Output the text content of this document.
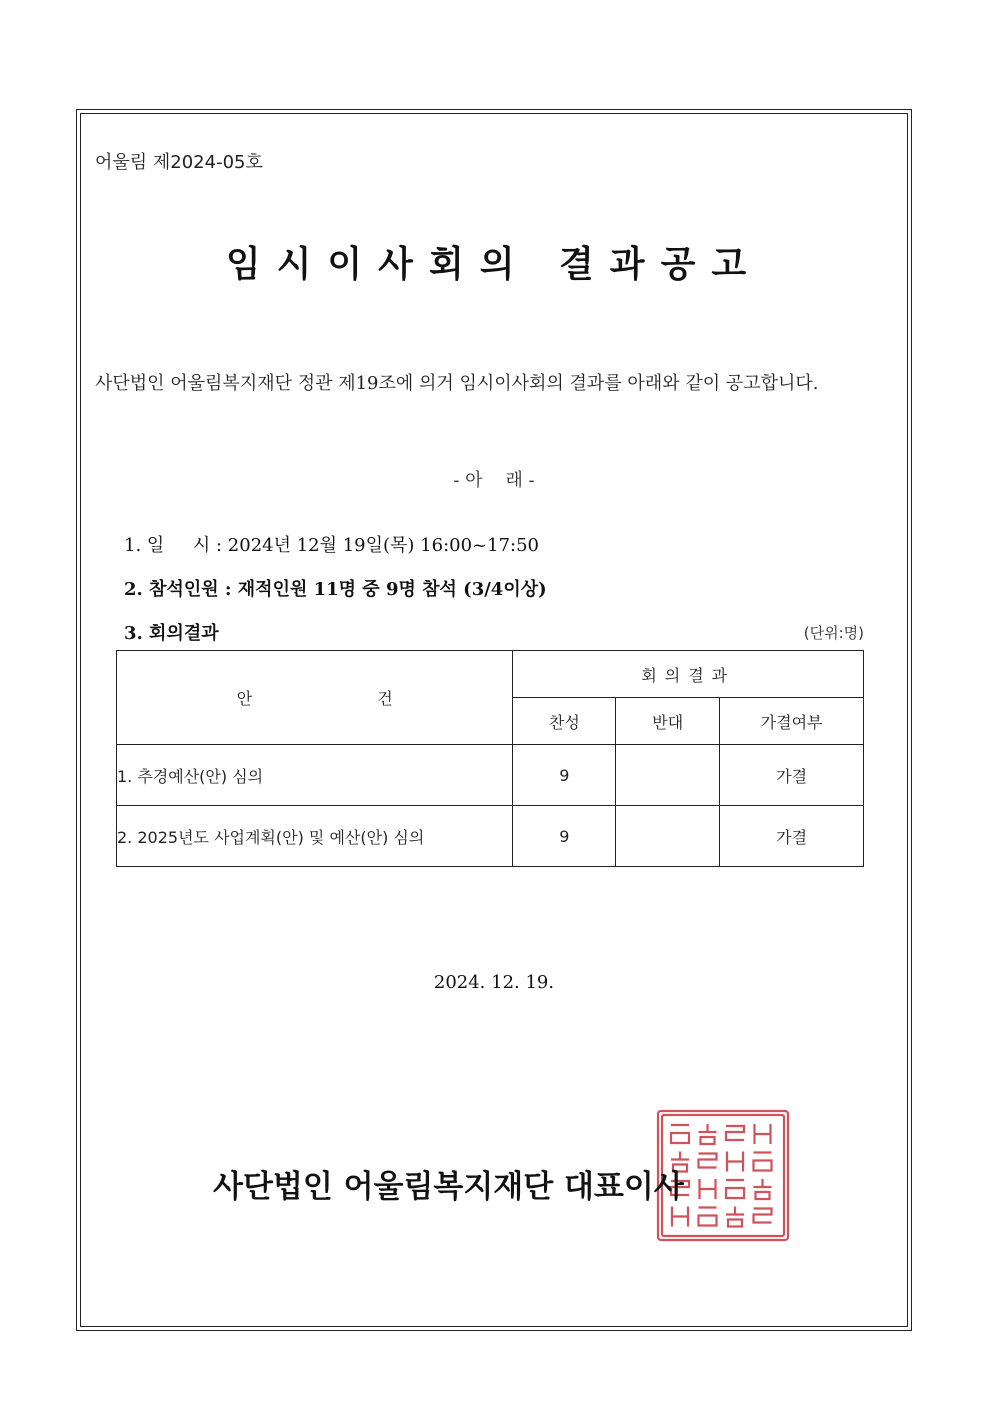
어울림 제2024-05호
임시이사회의 결과공고
사단법인 어울림복지재단 정관 제19조에 의거 임시이사회의 결과를 아래와 같이 공고합니다.
- 아    래 -
1. 일     시 : 2024년 12월 19일(목) 16:00~17:50
2. 참석인원 : 재적인원 11명 중 9명 참석 (3/4이상)
3. 회의결과	(단위:명)
안 건	회의결과		
	찬성	반대	가결여부
1. 추경예산(안) 심의	9		가결
2. 2025년도 사업계획(안) 및 예산(안) 심의	9		가결
2024. 12. 19.
사단법인 어울림복지재단 대표이사
